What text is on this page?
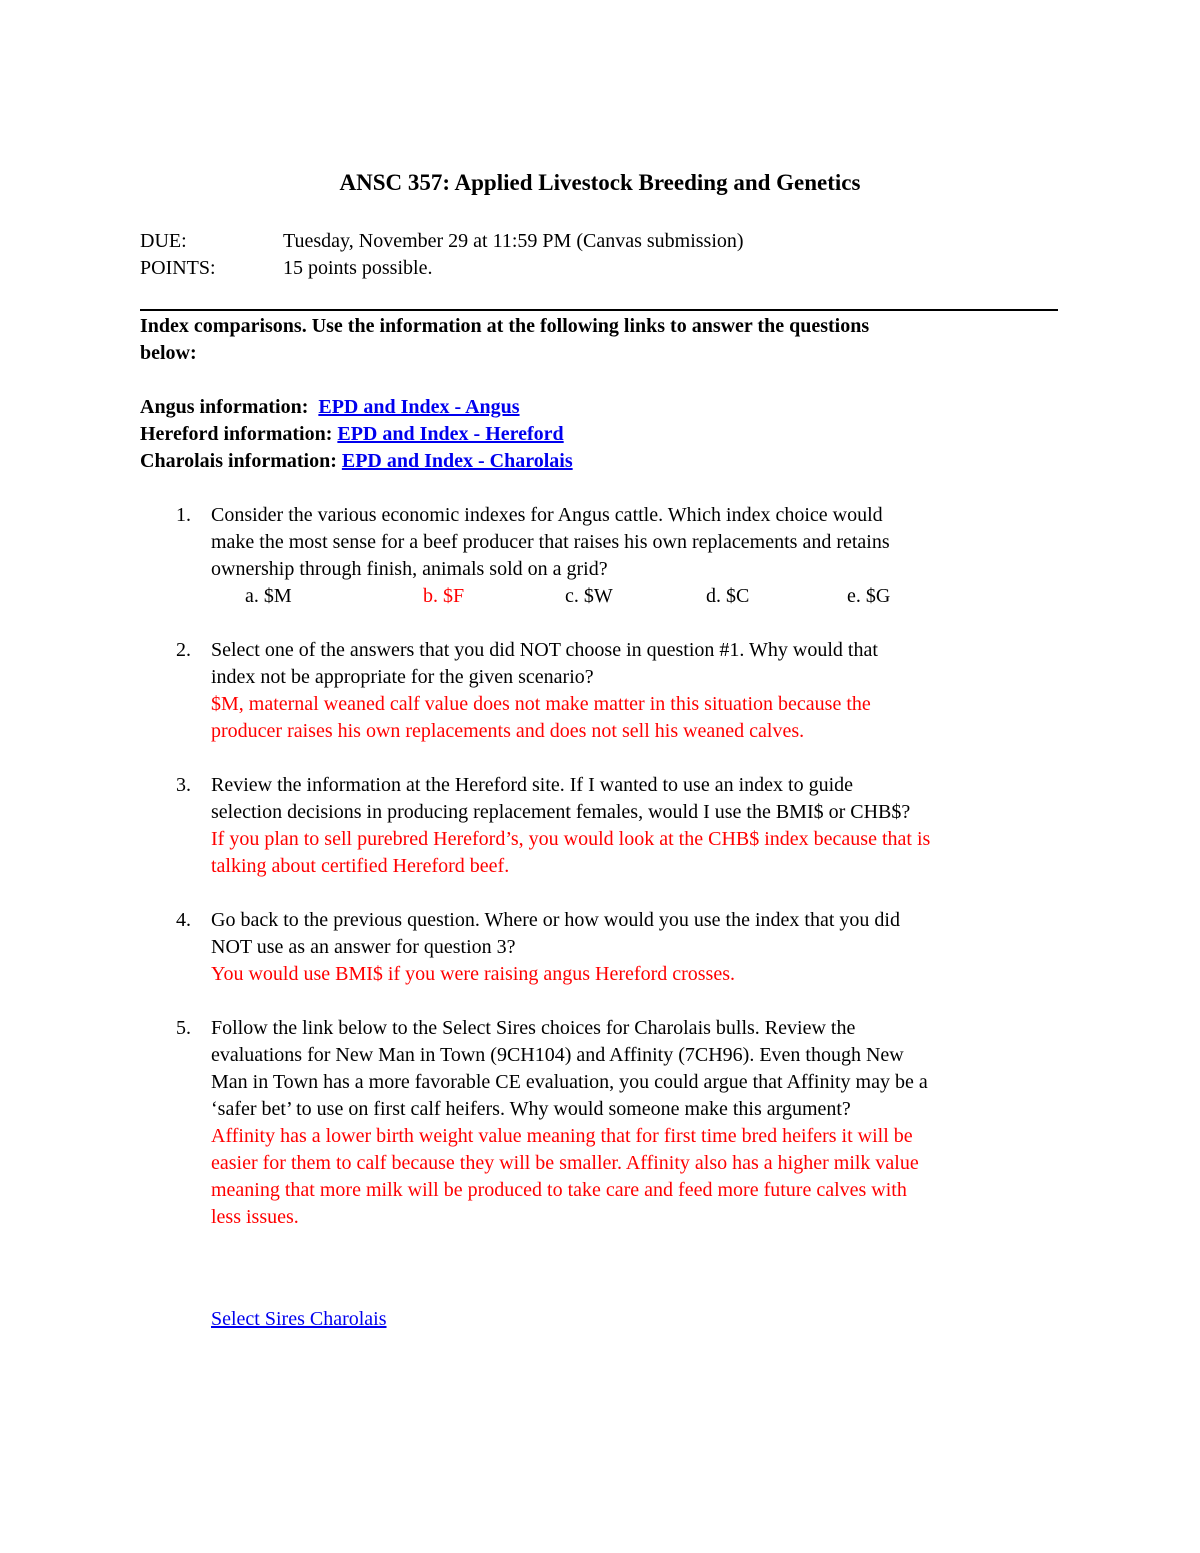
ANSC 357: Applied Livestock Breeding and Genetics
DUE:	Tuesday, November 29 at 11:59 PM (Canvas submission)
POINTS:	15 points possible.
Index comparisons. Use the information at the following links to answer the questions
below:
Angus information: EPD and Index - Angus
Hereford information: EPD and Index - Hereford
Charolais information: EPD and Index - Charolais
1. Consider the various economic indexes for Angus cattle. Which index choice would
make the most sense for a beef producer that raises his own replacements and retains
ownership through finish, animals sold on a grid?
a. $M	b. $F	c. $W	d. $C	e. $G
2. Select one of the answers that you did NOT choose in question #1. Why would that
index not be appropriate for the given scenario?
$M, maternal weaned calf value does not make matter in this situation because the
producer raises his own replacements and does not sell his weaned calves.
3. Review the information at the Hereford site. If I wanted to use an index to guide
selection decisions in producing replacement females, would I use the BMI$ or CHB$?
If you plan to sell purebred Hereford’s, you would look at the CHB$ index because that is
talking about certified Hereford beef.
4. Go back to the previous question. Where or how would you use the index that you did
NOT use as an answer for question 3?
You would use BMI$ if you were raising angus Hereford crosses.
5. Follow the link below to the Select Sires choices for Charolais bulls. Review the
evaluations for New Man in Town (9CH104) and Affinity (7CH96). Even though New
Man in Town has a more favorable CE evaluation, you could argue that Affinity may be a
‘safer bet’ to use on first calf heifers. Why would someone make this argument?
Affinity has a lower birth weight value meaning that for first time bred heifers it will be
easier for them to calf because they will be smaller. Affinity also has a higher milk value
meaning that more milk will be produced to take care and feed more future calves with
less issues.
Select Sires Charolais
